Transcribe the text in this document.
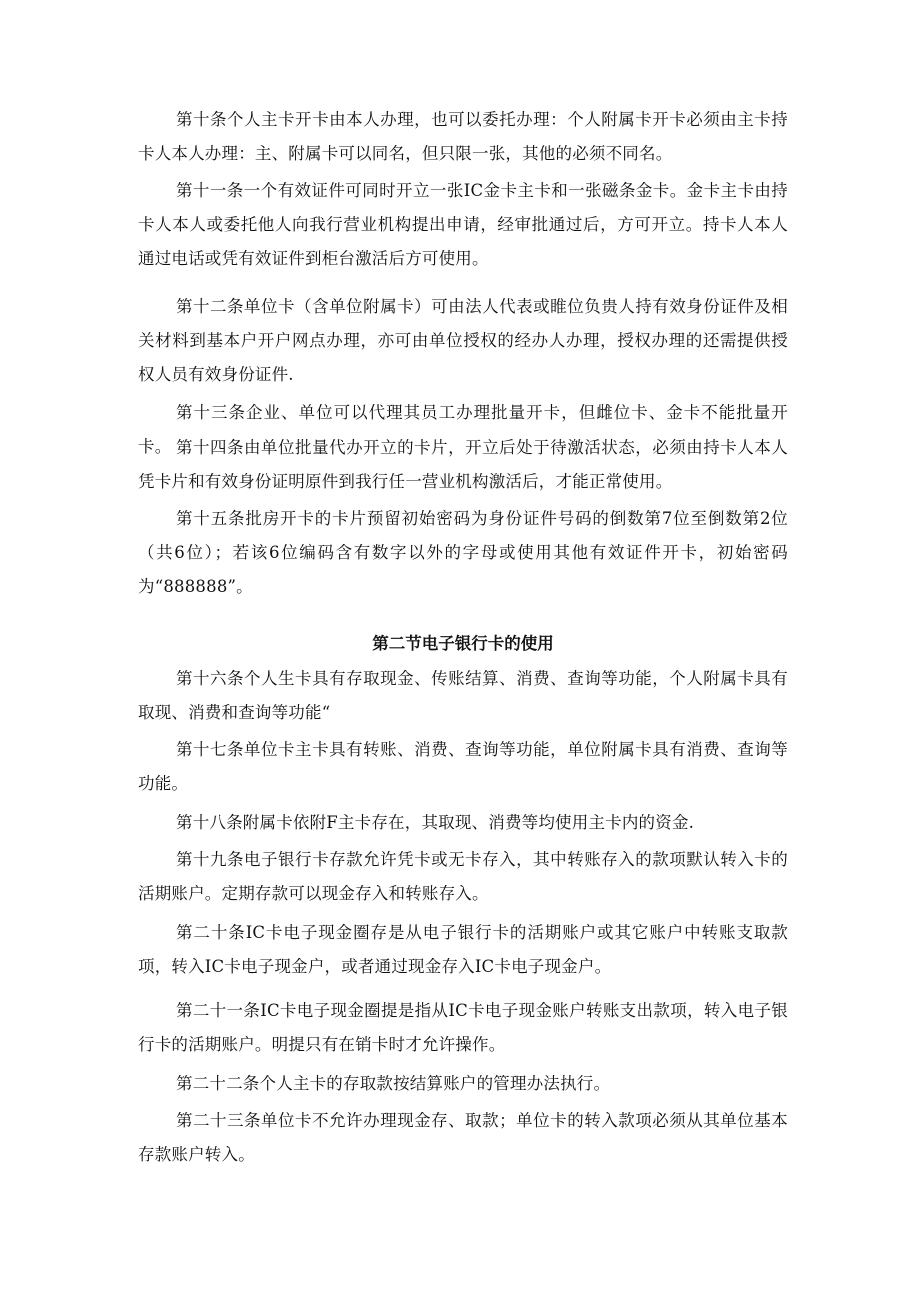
第十条个人主卡开卡由本人办理，也可以委托办理：个人附属卡开卡必须由主卡持卡人本人办理：主、附属卡可以同名，但只限一张，其他的必须不同名。

第十一条一个有效证件可同时开立一张IC金卡主卡和一张磁条金卡。金卡主卡由持卡人本人或委托他人向我行营业机构提出申请，经审批通过后，方可开立。持卡人本人通过电话或凭有效证件到柜台激活后方可使用。

第十二条单位卡（含单位附属卡）可由法人代表或睢位负贵人持有效身份证件及相关材料到基本户开户网点办理，亦可由单位授权的经办人办理，授权办理的还需提供授权人员有效身份证件.

第十三条企业、单位可以代理其员工办理批量开卡，但雌位卡、金卡不能批量开卡。 第十四条由单位批量代办开立的卡片，开立后处于待激活状态，必须由持卡人本人凭卡片和有效身份证明原件到我行任一营业机构激活后，才能正常使用。

第十五条批房开卡的卡片预留初始密码为身份证件号码的倒数第7位至倒数第2位（共6位）；若该6位编码含有数字以外的字母或使用其他有效证件开卡，初始密码为“888888”。

第二节电子银行卡的使用

第十六条个人生卡具有存取现金、传账结算、消费、查询等功能，个人附属卡具有取现、消费和查询等功能“

第十七条单位卡主卡具有转账、消费、查询等功能，单位附属卡具有消费、查询等功能。

第十八条附属卡依附F主卡存在，其取现、消费等均使用主卡内的资金.

第十九条电子银行卡存款允许凭卡或无卡存入，其中转账存入的款项默认转入卡的活期账户。定期存款可以现金存入和转账存入。

第二十条IC卡电子现金圈存是从电子银行卡的活期账户或其它账户中转账支取款项，转入IC卡电子现金户，或者通过现金存入IC卡电子现金户。

第二十一条IC卡电子现金圈提是指从IC卡电子现金账户转账支出款项，转入电子银行卡的活期账户。明提只有在销卡时才允许操作。

第二十二条个人主卡的存取款按结算账户的管理办法执行。

第二十三条单位卡不允许办理现金存、取款；单位卡的转入款项必须从其单位基本存款账户转入。
